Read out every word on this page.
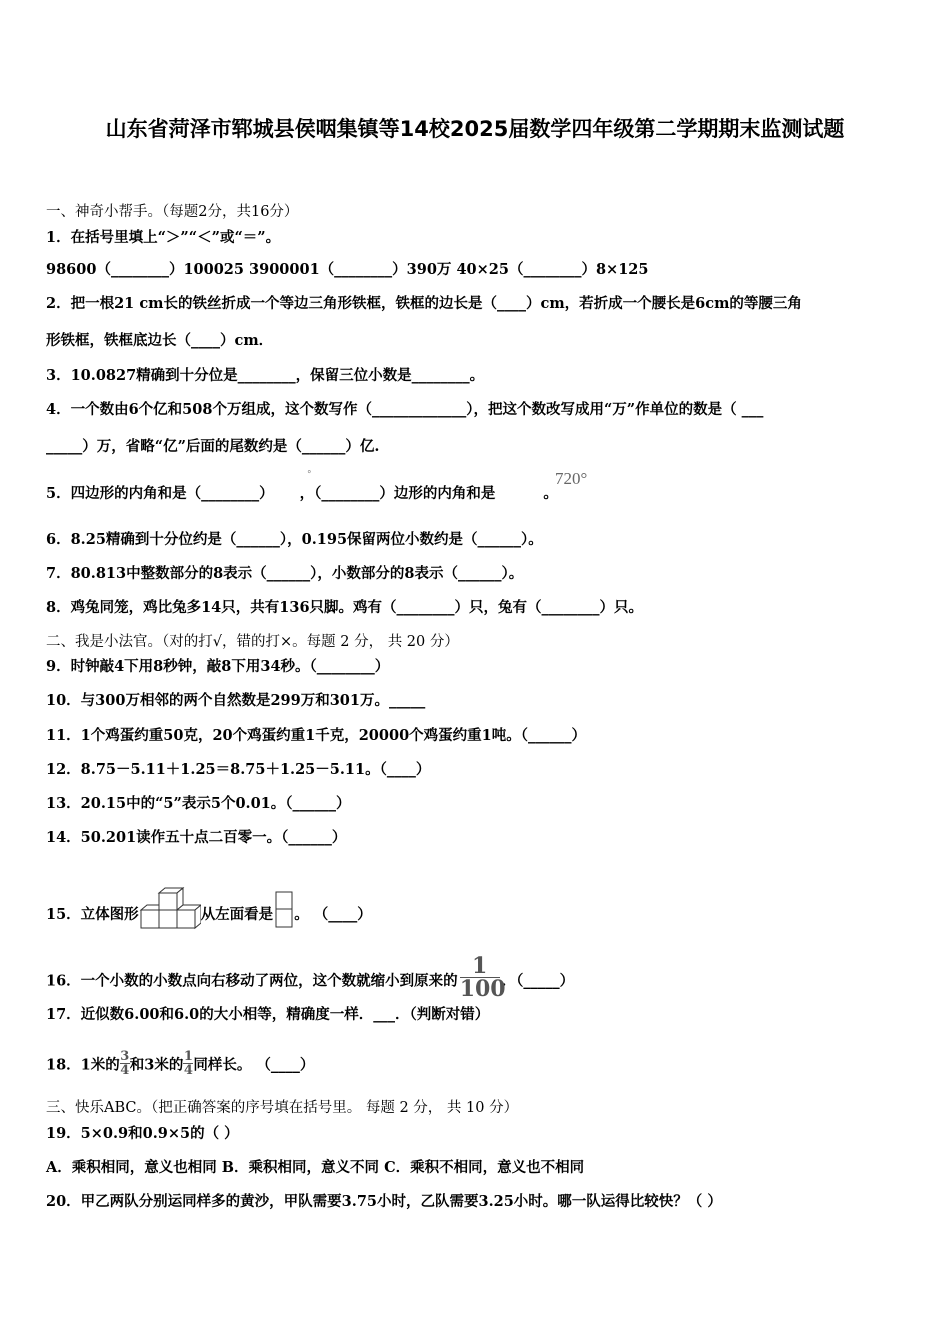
山东省菏泽市郓城县侯咽集镇等14校2025届数学四年级第二学期期末监测试题
一、神奇小帮手。（每题2分，共16分）
1．在括号里填上“＞”“＜”或“＝”。
98600（________）100025 3900001（________）390万 40×25（________）8×125
2．把一根21 cm长的铁丝折成一个等边三角形铁框，铁框的边长是（____）cm，若折成一个腰长是6cm的等腰三角
形铁框，铁框底边长（____）cm．
3．10.0827精确到十分位是________，保留三位小数是________。
4．一个数由6个亿和508个万组成，这个数写作（_____________），把这个数改写成用“万”作单位的数是（ ___
_____）万，省略“亿”后面的尾数约是（______）亿.
5．四边形的内角和是（________） ，（________）边形的内角和是	。
°	720°
6．8.25精确到十分位约是（______），0.195保留两位小数约是（______）。
7．80.813中整数部分的8表示（______），小数部分的8表示（______）。
8．鸡兔同笼，鸡比兔多14只，共有136只脚。鸡有（________）只，兔有（________）只。
二、我是小法官。（对的打√，错的打×。每题 2 分， 共 20 分）
9．时钟敲4下用8秒钟，敲8下用34秒。（________）
10．与300万相邻的两个自然数是299万和301万。_____
11．1个鸡蛋约重50克，20个鸡蛋约重1千克，20000个鸡蛋约重1吨。（______）
12．8.75－5.11＋1.25＝8.75＋1.25－5.11。（____）
13．20.15中的“5”表示5个0.01。（______）
14．50.201读作五十点二百零一。（______）
15．立体图形	从左面看是 。 （____）
16．一个小数的小数点向右移动了两位，这个数就缩小到原来的 $\frac{1}{100}$ ．（_____）
17．近似数6.00和6.0的大小相等，精确度一样．___．（判断对错）
18．1米的 $\frac{3}{4}$ 和3米的 $\frac{1}{4}$ 同样长。 （____）
三、快乐ABC。（把正确答案的序号填在括号里。 每题 2 分， 共 10 分）
19．5×0.9和0.9×5的（ ）
A．乘积相同，意义也相同 B．乘积相同，意义不同 C．乘积不相同，意义也不相同
20．甲乙两队分别运同样多的黄沙，甲队需要3.75小时，乙队需要3.25小时。哪一队运得比较快？（ ）
